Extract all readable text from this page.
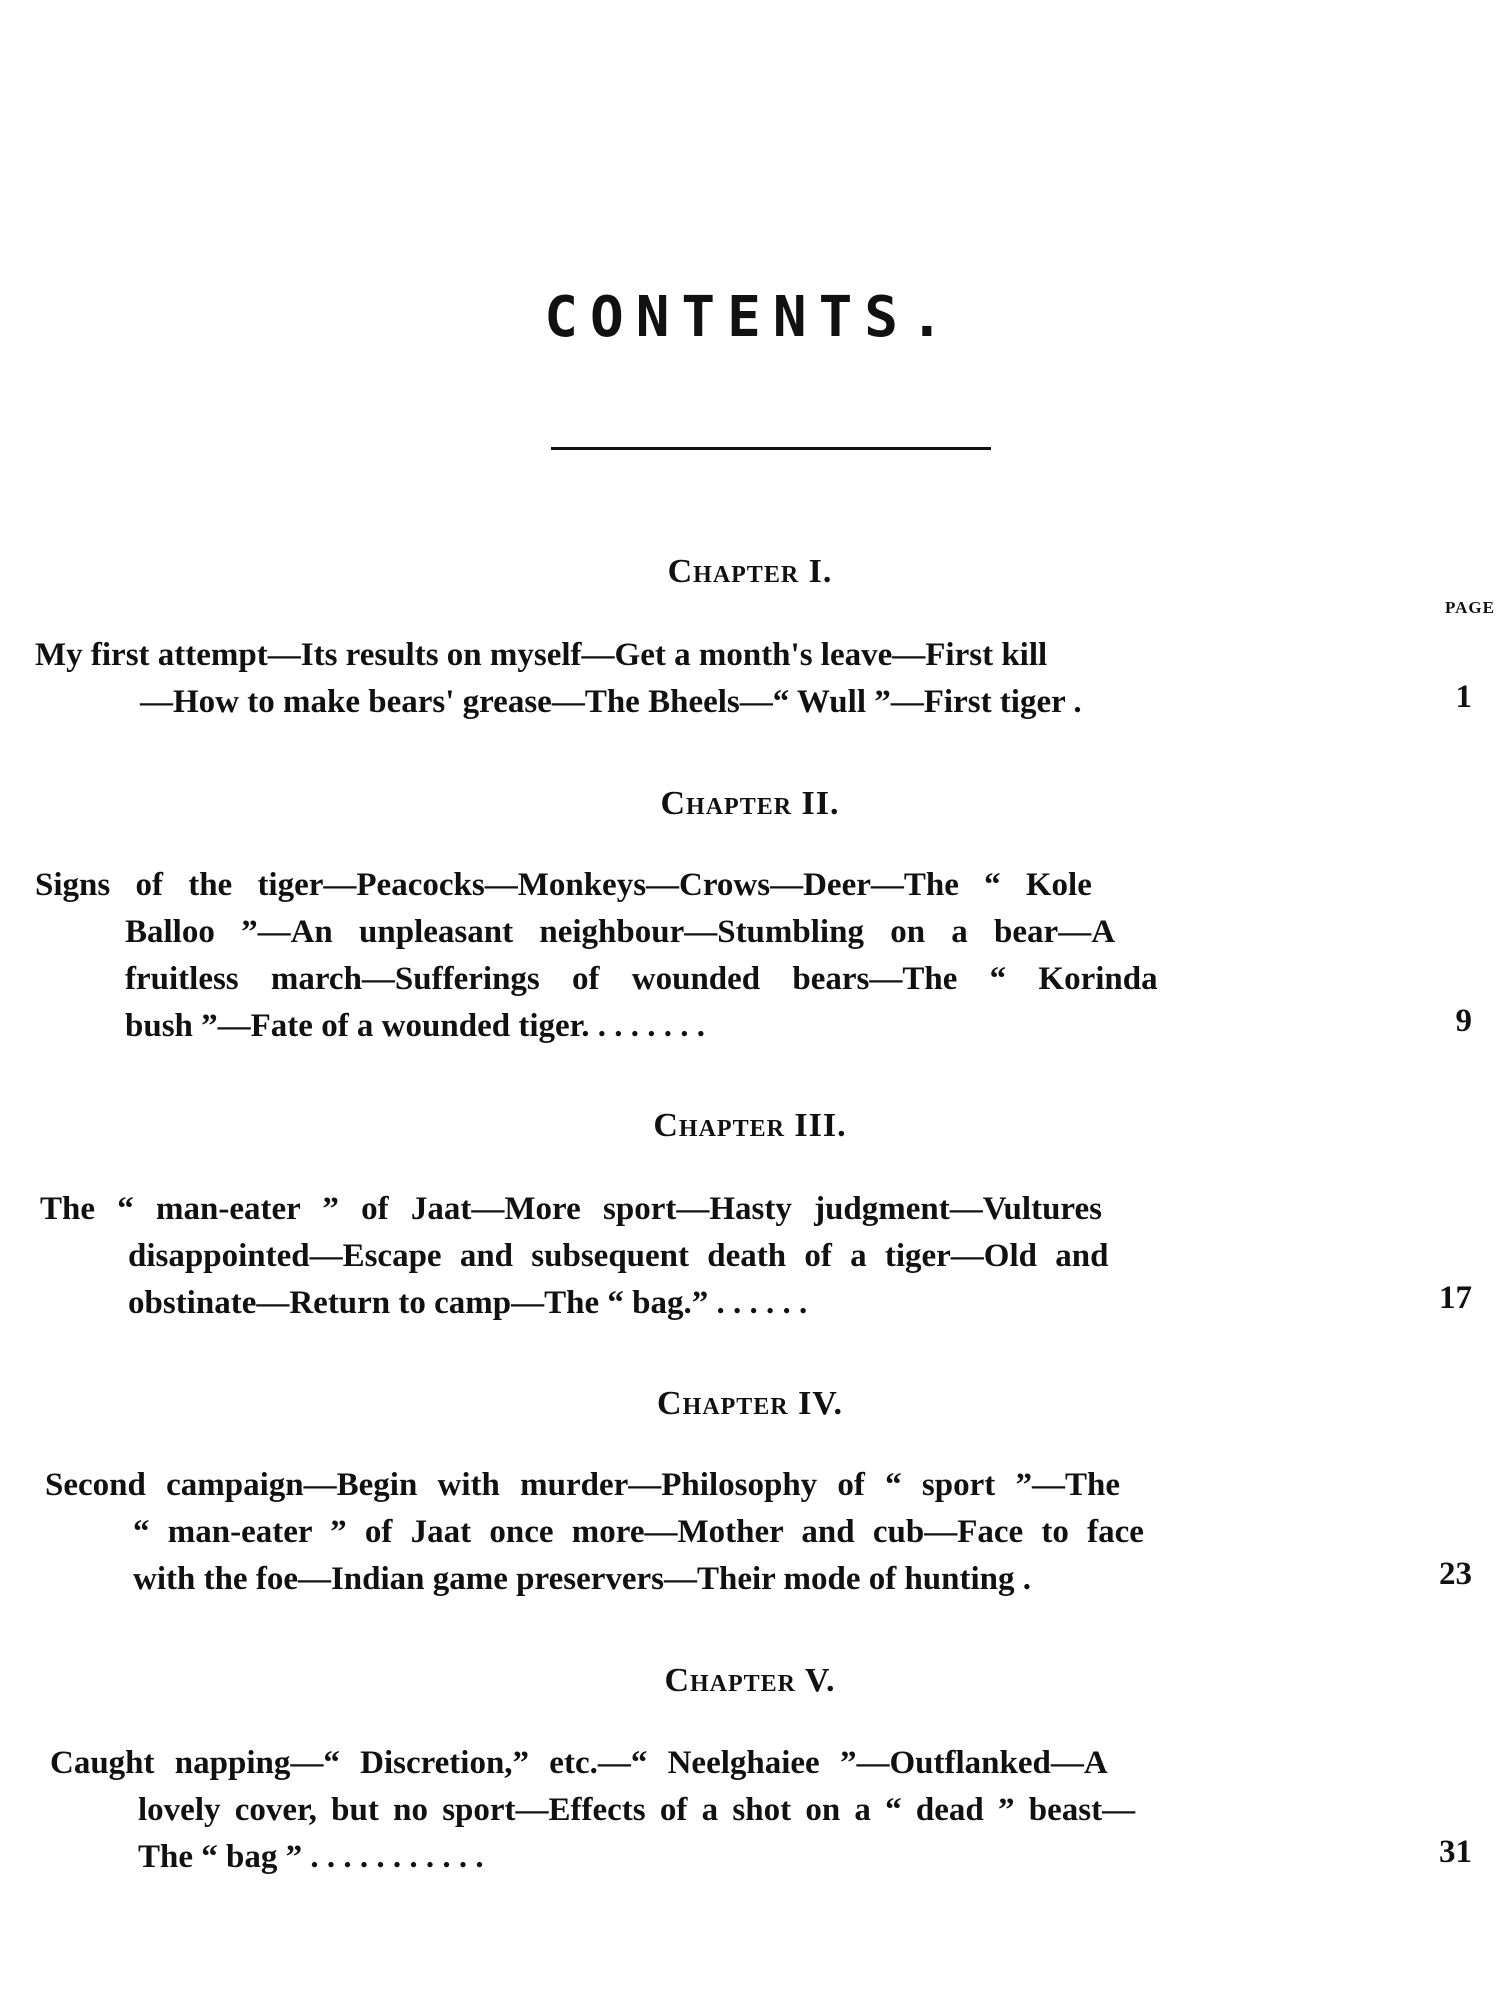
CONTENTS.
PAGE
Chapter I.
My first attempt—Its results on myself—Get a month's leave—First kill
—How to make bears' grease—The Bheels—“ Wull ”—First tiger .	1
Chapter II.
Signs of the tiger—Peacocks—Monkeys—Crows—Deer—The “ Kole
Balloo ”—An unpleasant neighbour—Stumbling on a bear—A
fruitless march—Sufferings of wounded bears—The “ Korinda
bush ”—Fate of a wounded tiger. . . . . . . .	9
Chapter III.
The “ man-eater ” of Jaat—More sport—Hasty judgment—Vultures
disappointed—Escape and subsequent death of a tiger—Old and
obstinate—Return to camp—The “ bag.” . . . . . .	17
Chapter IV.
Second campaign—Begin with murder—Philosophy of “ sport ”—The
“ man-eater ” of Jaat once more—Mother and cub—Face to face
with the foe—Indian game preservers—Their mode of hunting .	23
Chapter V.
Caught napping—“ Discretion,” etc.—“ Neelghaiee ”—Outflanked—A
lovely cover, but no sport—Effects of a shot on a “ dead ” beast—
The “ bag ” . . . . . . . . . . .	31
